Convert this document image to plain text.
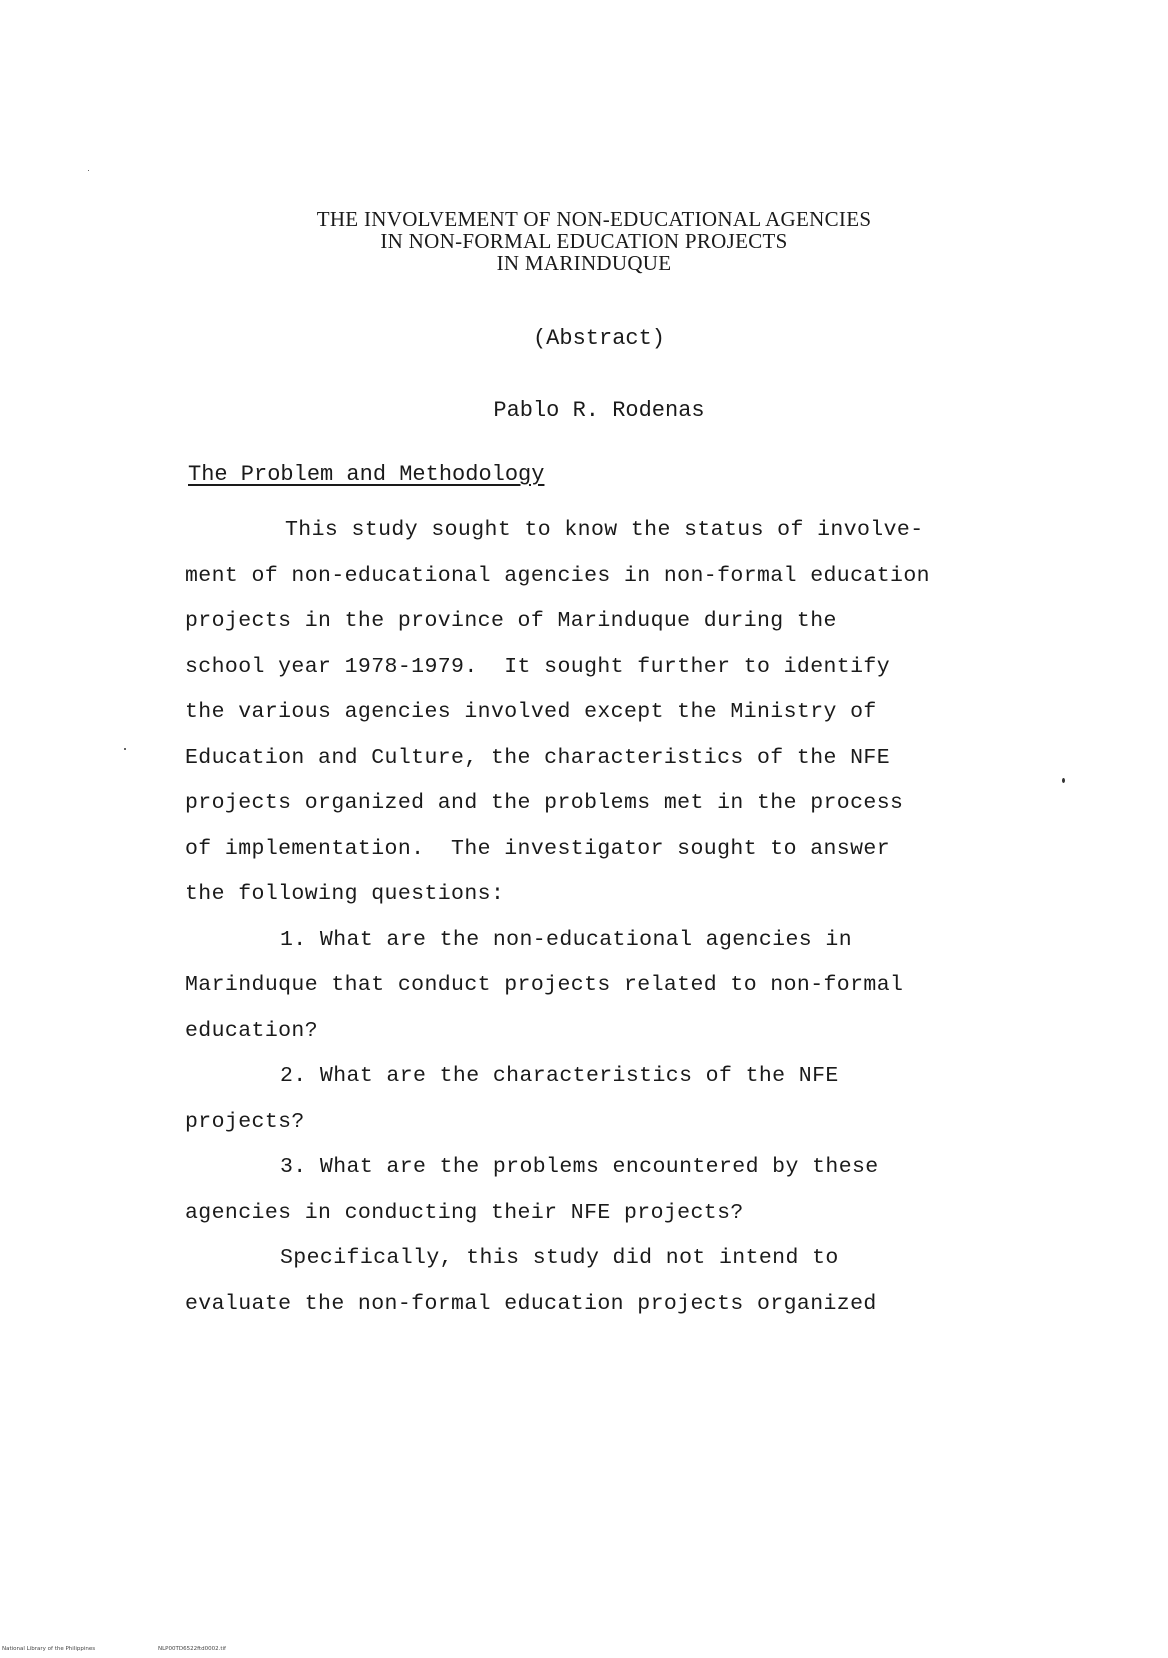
THE INVOLVEMENT OF NON-EDUCATIONAL AGENCIES
IN NON-FORMAL EDUCATION PROJECTS
IN MARINDUQUE
(Abstract)
Pablo R. Rodenas
The Problem and Methodology
This study sought to know the status of involve-
ment of non-educational agencies in non-formal education
projects in the province of Marinduque during the
school year 1978-1979.  It sought further to identify
the various agencies involved except the Ministry of
Education and Culture, the characteristics of the NFE
projects organized and the problems met in the process
of implementation.  The investigator sought to answer
the following questions:
1. What are the non-educational agencies in
Marinduque that conduct projects related to non-formal
education?
2. What are the characteristics of the NFE
projects?
3. What are the problems encountered by these
agencies in conducting their NFE projects?
Specifically, this study did not intend to
evaluate the non-formal education projects organized
National Library of the Philippines	NLP00TD6522ftd0002.tif
